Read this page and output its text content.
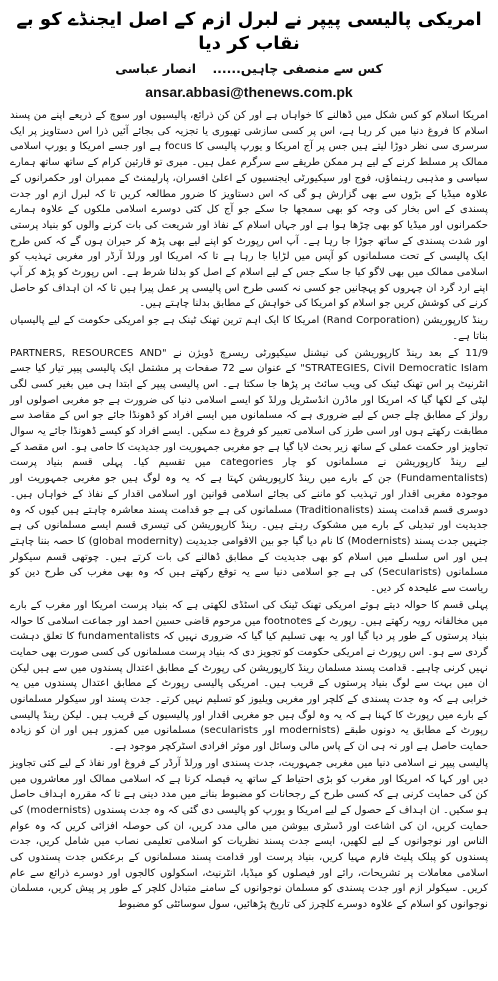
امریکی پالیسی پیپر نے لبرل ازم کے اصل ایجنڈے کو بے نقاب کر دیا
کس سے منصفی چاہیں...... انصار عباسی
ansar.abbasi@thenews.com.pk

امریکا اسلام کو کس شکل میں ڈھالنے کا خواہاں ہے اور کن کن ذرائع، پالیسیوں اور سوچ کے ذریعے اپنے من پسند اسلام کا فروغ دنیا میں کر رہا ہے، اس پر کسی سازشی تھیوری یا تجزیہ کی بجائے آئیں ذرا اس دستاویز پر ایک سرسری سی نظر دوڑا لیتے ہیں جس پر آج امریکا و یورپ پالیسی کا focus ہے اور جسے امریکا و یورپ اسلامی ممالک پر مسلط کرنے کے لیے ہر ممکن طریقے سے سرگرم عمل ہیں۔ میری تو قارئین کرام کے ساتھ ساتھ ہمارے سیاسی و مذہبی رہنماؤں، فوج اور سیکیورٹی ایجنسیوں کے اعلیٰ افسران، پارلیمنٹ کے ممبران اور حکمرانوں کے علاوہ میڈیا کے بڑوں سے بھی گزارش ہو گی کہ اس دستاویز کا ضرور مطالعہ کریں تا کہ لبرل ازم اور جدت پسندی کے اس بخار کی وجہ کو بھی سمجھا جا سکے جو آج کل کئی دوسرے اسلامی ملکوں کے علاوہ ہمارے حکمرانوں اور میڈیا کو بھی چڑھا ہوا ہے اور جہاں اسلام کے نفاذ اور شریعت کی بات کرنے والوں کو بنیاد پرستی اور شدت پسندی کے ساتھ جوڑا جا رہا ہے۔ آپ اس رپورٹ کو اپنے لیے بھی پڑھ کر حیران ہوں گے کہ کس طرح ایک پالیسی کے تحت مسلمانوں کو آپس میں لڑایا جا رہا ہے تا کہ امریکا اور ورلڈ آرڈر اور مغربی تہذیب کو اسلامی ممالک میں بھی لاگو کیا جا سکے جس کے لیے اسلام کے اصل کو بدلنا شرط ہے۔ اس رپورٹ کو پڑھ کر آپ اپنے ارد گرد ان چہروں کو پہچانیں جو کسی نہ کسی طرح اس پالیسی پر عمل پیرا ہیں تا کہ ان اہداف کو حاصل کرنے کی کوشش کریں جو اسلام کو امریکا کی خواہش کے مطابق بدلنا چاہتے ہیں۔

رینڈ کارپوریشن (Rand Corporation) امریکا کا ایک اہم ترین تھنک ٹینک ہے جو امریکی حکومت کے لیے پالیسیاں بناتا ہے۔

11/9 کے بعد رینڈ کارپوریشن کی نیشنل سیکیورٹی ریسرچ ڈویژن نے "PARTNERS, RESOURCES AND STRATEGIES, Civil Democratic Islam" کے عنوان سے 72 صفحات پر مشتمل ایک پالیسی پیپر تیار کیا جسے انٹرنیٹ پر اس تھنک ٹینک کی ویب سائٹ پر پڑھا جا سکتا ہے۔ اس پالیسی پیپر کے ابتدا ہی میں بغیر کسی لگی لپٹی کے لکھا گیا کہ امریکا اور ماڈرن انڈسٹریل ورلڈ کو ایسے اسلامی دنیا کی ضرورت ہے جو مغربی اصولوں اور رولز کے مطابق چلے جس کے لیے ضروری ہے کہ مسلمانوں میں ایسے افراد کو ڈھونڈا جائے جو اس کے مقاصد سے مطابقت رکھتے ہوں اور اسی طرز کی اسلامی تعبیر کو فروغ دے سکیں۔ ایسے افراد کو کیسے ڈھونڈا جائے یہ سوال تجاویز اور حکمت عملی کے ساتھ زیر بحث لایا گیا ہے جو مغربی جمہوریت اور جدیدیت کا حامی ہو۔ اس مقصد کے لیے رینڈ کارپوریشن نے مسلمانوں کو چار categories میں تقسیم کیا۔ پہلی قسم بنیاد پرست (Fundamentalists) جن کے بارے میں رینڈ کارپوریشن کہتا ہے کہ یہ وہ لوگ ہیں جو مغربی جمہوریت اور موجودہ مغربی اقدار اور تہذیب کو ماننے کی بجائے اسلامی قوانین اور اسلامی اقدار کے نفاذ کے خواہاں ہیں۔ دوسری قسم قدامت پسند (Traditionalists) مسلمانوں کی ہے جو قدامت پسند معاشرہ چاہتے ہیں کیوں کہ وہ جدیدیت اور تبدیلی کے بارے میں مشکوک رہتے ہیں۔ رینڈ کارپوریشن کی تیسری قسم ایسے مسلمانوں کی ہے جنہیں جدت پسند (Modernists) کا نام دیا گیا جو بین الاقوامی جدیدیت (global modernity) کا حصہ بننا چاہتے ہیں اور اس سلسلے میں اسلام کو بھی جدیدیت کے مطابق ڈھالنے کی بات کرتے ہیں۔ چوتھی قسم سیکولر مسلمانوں (Secularists) کی ہے جو اسلامی دنیا سے یہ توقع رکھتے ہیں کہ وہ بھی مغرب کی طرح دین کو ریاست سے علیحدہ کر دیں۔

پہلی قسم کا حوالہ دیتے ہوئے امریکی تھنک ٹینک کی اسٹڈی لکھتی ہے کہ بنیاد پرست امریکا اور مغرب کے بارے میں مخالفانہ رویہ رکھتے ہیں۔ رپورٹ کے footnotes میں مرحوم قاضی حسین احمد اور جماعت اسلامی کا حوالہ بنیاد پرستوں کے طور پر دیا گیا اور یہ بھی تسلیم کیا گیا کہ ضروری نہیں کہ fundamentalists کا تعلق دہشت گردی سے ہو۔ اس رپورٹ نے امریکی حکومت کو تجویز دی کہ بنیاد پرست مسلمانوں کی کسی صورت بھی حمایت نہیں کرنی چاہیے۔ قدامت پسند مسلمان رینڈ کارپوریشن کی رپورٹ کے مطابق اعتدال پسندوں میں سے ہیں لیکن ان میں بہت سے لوگ بنیاد پرستوں کے قریب ہیں۔ امریکی پالیسی رپورٹ کے مطابق اعتدال پسندوں میں یہ خرابی ہے کہ وہ جدت پسندی کے کلچر اور مغربی ویلیوز کو تسلیم نہیں کرتے۔ جدت پسند اور سیکولر مسلمانوں کے بارے میں رپورٹ کا کہنا ہے کہ یہ وہ لوگ ہیں جو مغربی اقدار اور پالیسیوں کے قریب ہیں۔ لیکن رینڈ پالیسی رپورٹ کے مطابق یہ دونوں طبقے (modernists اور secularists) مسلمانوں میں کمزور ہیں اور ان کو زیادہ حمایت حاصل ہے اور نہ ہی ان کے پاس مالی وسائل اور موثر افرادی اسٹرکچر موجود ہے۔

پالیسی پیپر نے اسلامی دنیا میں مغربی جمہوریت، جدت پسندی اور ورلڈ آرڈر کے فروغ اور نفاذ کے لیے کئی تجاویز دیں اور کہا کہ امریکا اور مغرب کو بڑی احتیاط کے ساتھ یہ فیصلہ کرنا ہے کہ اسلامی ممالک اور معاشروں میں کن کی حمایت کرنی ہے کہ کسی طرح کے رجحانات کو مضبوط بنانے میں مدد دینی ہے تا کہ مقررہ اہداف حاصل ہو سکیں۔ ان اہداف کے حصول کے لیے امریکا و یورپ کو پالیسی دی گئی کہ وہ جدت پسندوں (modernists) کی حمایت کریں، ان کی اشاعت اور ڈسٹری بیوشن میں مالی مدد کریں، ان کی حوصلہ افزائی کریں کہ وہ عوام الناس اور نوجوانوں کے لیے لکھیں، ایسے جدت پسند نظریات کو اسلامی تعلیمی نصاب میں شامل کریں، جدت پسندوں کو پبلک پلیٹ فارم مہیا کریں، بنیاد پرست اور قدامت پسند مسلمانوں کے برعکس جدت پسندوں کی اسلامی معاملات پر تشریحات، رائے اور فیصلوں کو میڈیا، انٹرنیٹ، اسکولوں کالجوں اور دوسرے ذرائع سے عام کریں۔ سیکولر ازم اور جدت پسندی کو مسلمان نوجوانوں کے سامنے متبادل کلچر کے طور پر پیش کریں، مسلمان نوجوانوں کو اسلام کے علاوہ دوسرے کلچرز کی تاریخ پڑھائیں، سول سوسائٹی کو مضبوط
